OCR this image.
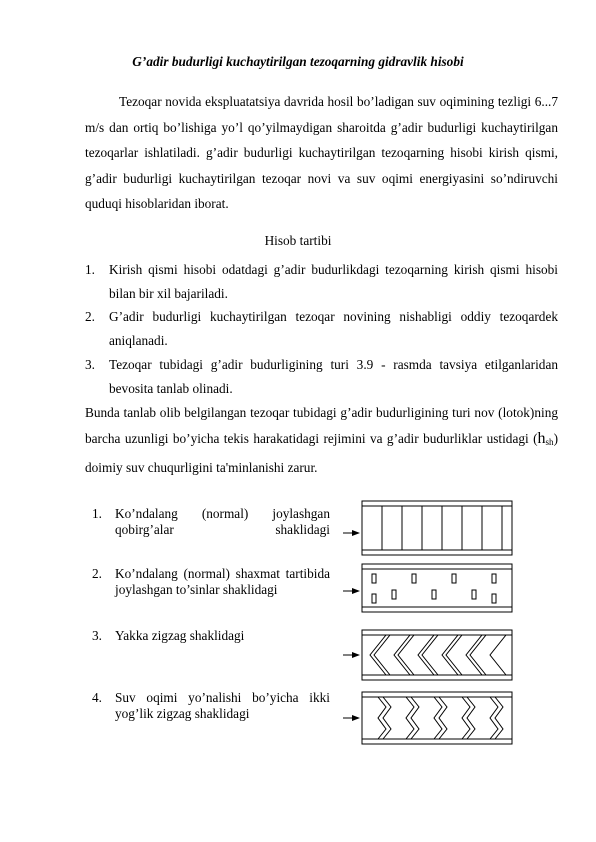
G’adir budurligi kuchaytirilgan tezoqarning gidravlik hisobi

Tezoqar novida ekspluatatsiya davrida hosil bo’ladigan suv oqimining tezligi 6...7 m/s dan ortiq bo’lishiga yo’l qo’yilmaydigan sharoitda g’adir budurligi kuchaytirilgan tezoqarlar ishlatiladi. g’adir budurligi kuchaytirilgan tezoqarning hisobi kirish qismi, g’adir budurligi kuchaytirilgan tezoqar novi va suv oqimi energiyasini so’ndiruvchi quduqi hisoblaridan iborat.

Hisob tartibi
1.	Kirish qismi hisobi odatdagi g’adir budurlikdagi tezoqarning kirish qismi hisobi bilan bir xil bajariladi.
2.	G’adir budurligi kuchaytirilgan tezoqar novining nishabligi oddiy tezoqardek aniqlanadi.
3.	Tezoqar tubidagi g’adir budurligining turi 3.9 - rasmda tavsiya etilganlaridan bevosita tanlab olinadi.

Bunda tanlab olib belgilangan tezoqar tubidagi g’adir budurligining turi nov (lotok)ning barcha uzunligi bo’yicha tekis harakatidagi rejimini va g’adir budurliklar ustidagi $(h_{sh})$ doimiy suv chuqurligini ta'minlanishi zarur.

1. Ko’ndalang (normal) joylashgan qobirg’alar shaklidagi
2. Ko’ndalang (normal) shaxmat tartibida joylashgan to’sinlar shaklidagi
3. Yakka zigzag shaklidagi
4. Suv oqimi yo’nalishi bo’yicha ikki yog’lik zigzag shaklidagi
